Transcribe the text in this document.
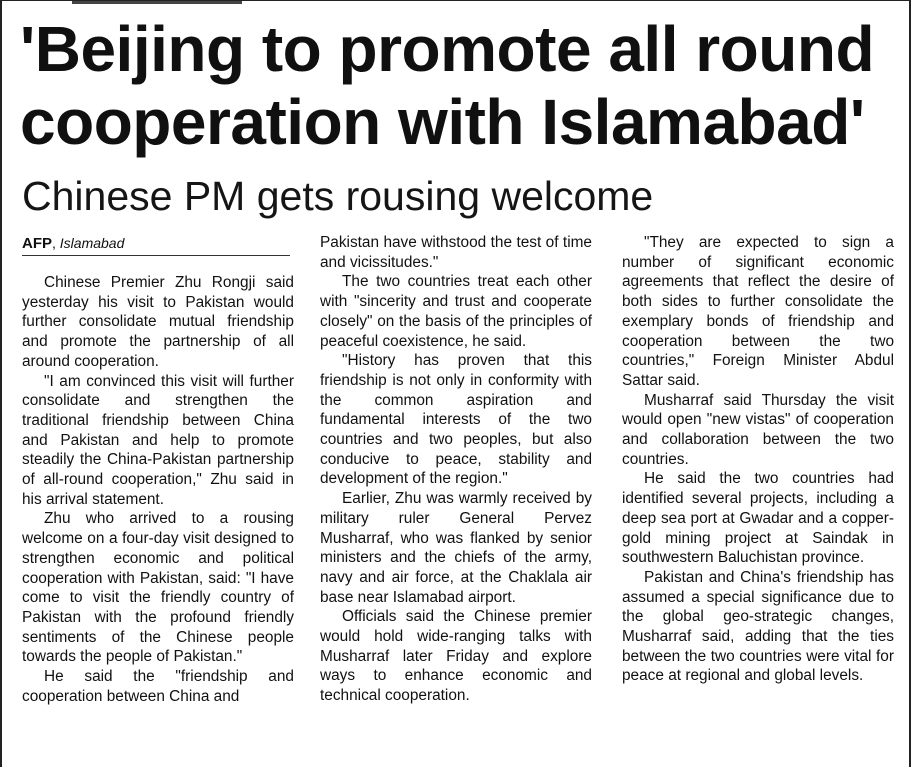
'Beijing to promote all round cooperation with Islamabad'
Chinese PM gets rousing welcome
AFP, Islamabad

Chinese Premier Zhu Rongji said yesterday his visit to Pakistan would further consolidate mutual friendship and promote the partnership of all around cooperation.

"I am convinced this visit will further consolidate and strengthen the traditional friendship between China and Pakistan and help to promote steadily the China-Pakistan partnership of all-round cooperation," Zhu said in his arrival statement.

Zhu who arrived to a rousing welcome on a four-day visit designed to strengthen economic and political cooperation with Pakistan, said: "I have come to visit the friendly country of Pakistan with the profound friendly sentiments of the Chinese people towards the people of Pakistan."

He said the "friendship and cooperation between China and

Pakistan have withstood the test of time and vicissitudes."

The two countries treat each other with "sincerity and trust and cooperate closely" on the basis of the principles of peaceful coexistence, he said.

"History has proven that this friendship is not only in conformity with the common aspiration and fundamental interests of the two countries and two peoples, but also conducive to peace, stability and development of the region."

Earlier, Zhu was warmly received by military ruler General Pervez Musharraf, who was flanked by senior ministers and the chiefs of the army, navy and air force, at the Chaklala air base near Islamabad airport.

Officials said the Chinese premier would hold wide-ranging talks with Musharraf later Friday and explore ways to enhance economic and technical cooperation.

"They are expected to sign a number of significant economic agreements that reflect the desire of both sides to further consolidate the exemplary bonds of friendship and cooperation between the two countries," Foreign Minister Abdul Sattar said.

Musharraf said Thursday the visit would open "new vistas" of cooperation and collaboration between the two countries.

He said the two countries had identified several projects, including a deep sea port at Gwadar and a copper-gold mining project at Saindak in southwestern Baluchistan province.

Pakistan and China's friendship has assumed a special significance due to the global geo-strategic changes, Musharraf said, adding that the ties between the two countries were vital for peace at regional and global levels.
